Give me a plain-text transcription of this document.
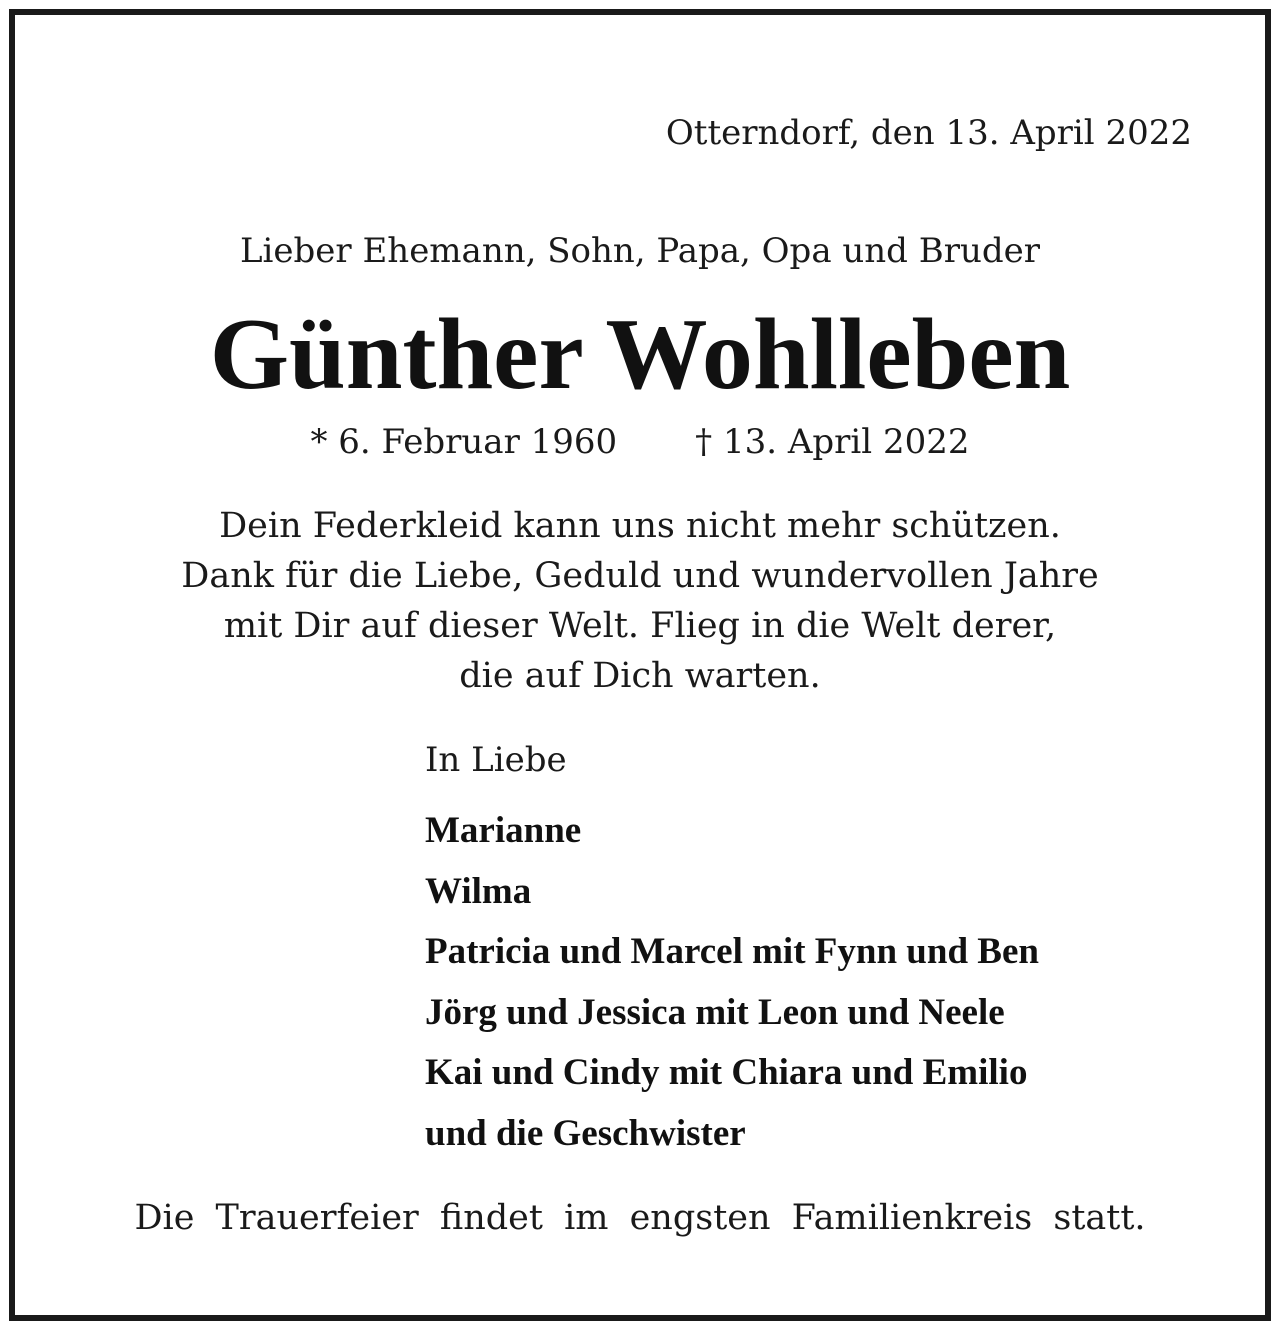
Otterndorf, den 13. April 2022
Lieber Ehemann, Sohn, Papa, Opa und Bruder
Günther Wohlleben
* 6. Februar 1960 † 13. April 2022
Dein Federkleid kann uns nicht mehr schützen.
Dank für die Liebe, Geduld und wundervollen Jahre
mit Dir auf dieser Welt. Flieg in die Welt derer,
die auf Dich warten.
In Liebe
Marianne
Wilma
Patricia und Marcel mit Fynn und Ben
Jörg und Jessica mit Leon und Neele
Kai und Cindy mit Chiara und Emilio
und die Geschwister
Die Trauerfeier findet im engsten Familienkreis statt.
